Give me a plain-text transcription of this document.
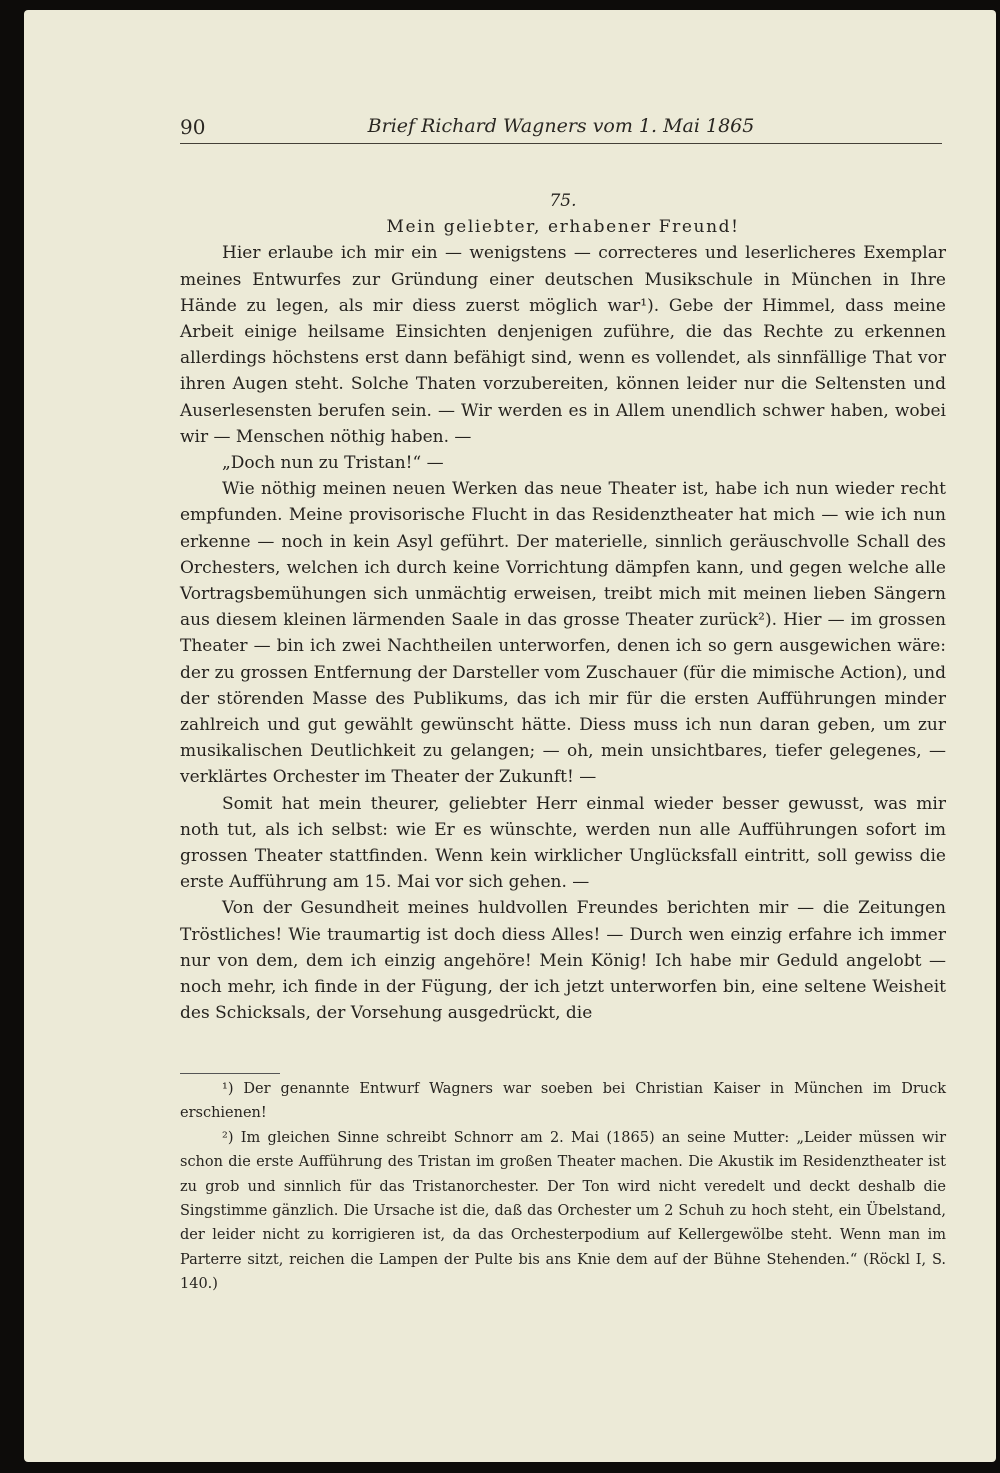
90	Brief Richard Wagners vom 1. Mai 1865

75.

Mein geliebter, erhabener Freund!

Hier erlaube ich mir ein — wenigstens — correcteres und leserlicheres Exemplar meines Entwurfes zur Gründung einer deutschen Musikschule in München in Ihre Hände zu legen, als mir diess zuerst möglich war¹). Gebe der Himmel, dass meine Arbeit einige heilsame Einsichten denjenigen zuführe, die das Rechte zu erkennen allerdings höchstens erst dann befähigt sind, wenn es vollendet, als sinnfällige That vor ihren Augen steht. Solche Thaten vorzubereiten, können leider nur die Seltensten und Auserlesensten berufen sein. — Wir werden es in Allem unendlich schwer haben, wobei wir — Menschen nöthig haben. —

„Doch nun zu Tristan!“ —

Wie nöthig meinen neuen Werken das neue Theater ist, habe ich nun wieder recht empfunden. Meine provisorische Flucht in das Residenztheater hat mich — wie ich nun erkenne — noch in kein Asyl geführt. Der materielle, sinnlich geräuschvolle Schall des Orchesters, welchen ich durch keine Vorrichtung dämpfen kann, und gegen welche alle Vortragsbemühungen sich unmächtig erweisen, treibt mich mit meinen lieben Sängern aus diesem kleinen lärmenden Saale in das grosse Theater zurück²). Hier — im grossen Theater — bin ich zwei Nachtheilen unterworfen, denen ich so gern ausgewichen wäre: der zu grossen Entfernung der Darsteller vom Zuschauer (für die mimische Action), und der störenden Masse des Publikums, das ich mir für die ersten Aufführungen minder zahlreich und gut gewählt gewünscht hätte. Diess muss ich nun daran geben, um zur musikalischen Deutlichkeit zu gelangen; — oh, mein unsichtbares, tiefer gelegenes, — verklärtes Orchester im Theater der Zukunft! —

Somit hat mein theurer, geliebter Herr einmal wieder besser gewusst, was mir noth tut, als ich selbst: wie Er es wünschte, werden nun alle Aufführungen sofort im grossen Theater stattfinden. Wenn kein wirklicher Unglücksfall eintritt, soll gewiss die erste Aufführung am 15. Mai vor sich gehen. —

Von der Gesundheit meines huldvollen Freundes berichten mir — die Zeitungen Tröstliches! Wie traumartig ist doch diess Alles! — Durch wen einzig erfahre ich immer nur von dem, dem ich einzig angehöre! Mein König! Ich habe mir Geduld angelobt — noch mehr, ich finde in der Fügung, der ich jetzt unterworfen bin, eine seltene Weisheit des Schicksals, der Vorsehung ausgedrückt, die

¹) Der genannte Entwurf Wagners war soeben bei Christian Kaiser in München im Druck erschienen!

²) Im gleichen Sinne schreibt Schnorr am 2. Mai (1865) an seine Mutter: „Leider müssen wir schon die erste Aufführung des Tristan im großen Theater machen. Die Akustik im Residenztheater ist zu grob und sinnlich für das Tristanorchester. Der Ton wird nicht veredelt und deckt deshalb die Singstimme gänzlich. Die Ursache ist die, daß das Orchester um 2 Schuh zu hoch steht, ein Übelstand, der leider nicht zu korrigieren ist, da das Orchesterpodium auf Kellergewölbe steht. Wenn man im Parterre sitzt, reichen die Lampen der Pulte bis ans Knie dem auf der Bühne Stehenden.“ (Röckl I, S. 140.)
